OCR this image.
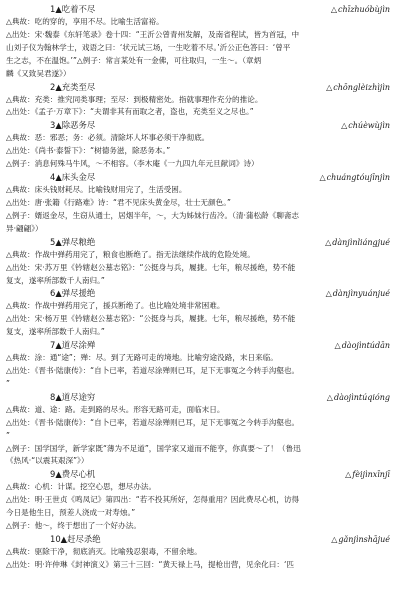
1▲吃着不尽	△chīzhuóbùjìn
△典故：吃的穿的，享用不尽。比喻生活富裕。
△出处：宋·魏泰《东轩笔录》卷十四：“王沂公曾青州发解，及南省程试，皆为首冠，中
山刘子仪为翰林学士，戏语之曰：‘状元试三场，一生吃着不尽。’沂公正色答曰：‘曾平
生之志，不在温饱。’”△例子：常言某处有一金佛，可往取归，一生～。（章炳
麟《又致吴君遂》）
2▲充类至尽	△chōnglèizhìjìn
△典故：充类：推究同类事理；至尽：到极精密处。指就事理作充分的推论。
△出处：《孟子·万章下》：“夫谓非其有而取之者，盗也，充类至义之尽也。”
3▲除恶务尽	△chúèwùjìn
△典故：恶：邪恶；务：必须。清除坏人坏事必须干净彻底。
△出处：《尚书·泰誓下》：“树德务滋，除恶务本。”
△例子：消息何殊马牛风，～不相容。（李木庵《一九四九年元旦献词》诗）
4▲床头金尽	△chuángtóujīnjìn
△典故：床头钱财耗尽。比喻钱财用完了，生活受困。
△出处：唐·张籍《行路难》诗：“君不见床头黄金尽，壮士无颜色。”
△例子：婿返金尽，生窃从通士，居烟半年，～，大为姊妹行齿冷。（清·蒲松龄《聊斋志
异·翩翩》）
5▲弹尽粮绝	△dànjìnliángjué
△典故：作战中弹药用完了，粮食也断绝了。指无法继续作战的危险处境。
△出处：宋·苏万里《钤辖赵公墓志铭》：“公挺身与兵，履捷。七年，粮尽援绝，势不能
复支，遂率所部数千人南归。”
6▲弹尽援绝	△dànjìnyuánjué
△典故：作战中弹药用完了，援兵断绝了。也比喻处境非常困难。
△出处：宋·杨万里《钤辖赵公墓志铭》：“公挺身与兵，履捷。七年，粮尽援绝，势不能
复支，遂率所部数千人南归。”
7▲道尽涂殚	△dàojìntúdān
△典故：涂：通“途”；殚：尽。到了无路可走的境地。比喻穷途没路，末日来临。
△出处：《晋书·陆康传》：“自卜已率，若道尽涂殚则已耳，足下无事冤之今转手沟壑也。
”
8▲道尽途穷	△dàojìntúqióng
△典故：道、途：路。走到路的尽头。形容无路可走，面临末日。
△出处：《晋书·陆康传》：“自卜已率，若道尽涂殚则已耳，足下无事冤之今转手沟壑也。
”
△例子：国学国学，新学家既“薄为不足道”，国学家又道而不能亨，你真要～了！（鲁迅
《热风·“以震其艰深”》）
9▲费尽心机	△fèijìnxīnjī
△典故：心机：计谋。挖空心思，想尽办法。
△出处：明·王世贞《鸣凤记》第四出：“若不投其所好，怎得重用？因此费尽心机，访得
今日是他生日，预差人浇成一对寿烛。”
△例子：他～，终于想出了一个好办法。
10▲赶尽杀绝	△gǎnjìnshājué
△典故：驱除干净，彻底消灭。比喻残忍狠毒，不留余地。
△出处：明·许仲琳《封神演义》第三十三回：“黄天禄上马，提枪出营，见余化曰：‘匹
